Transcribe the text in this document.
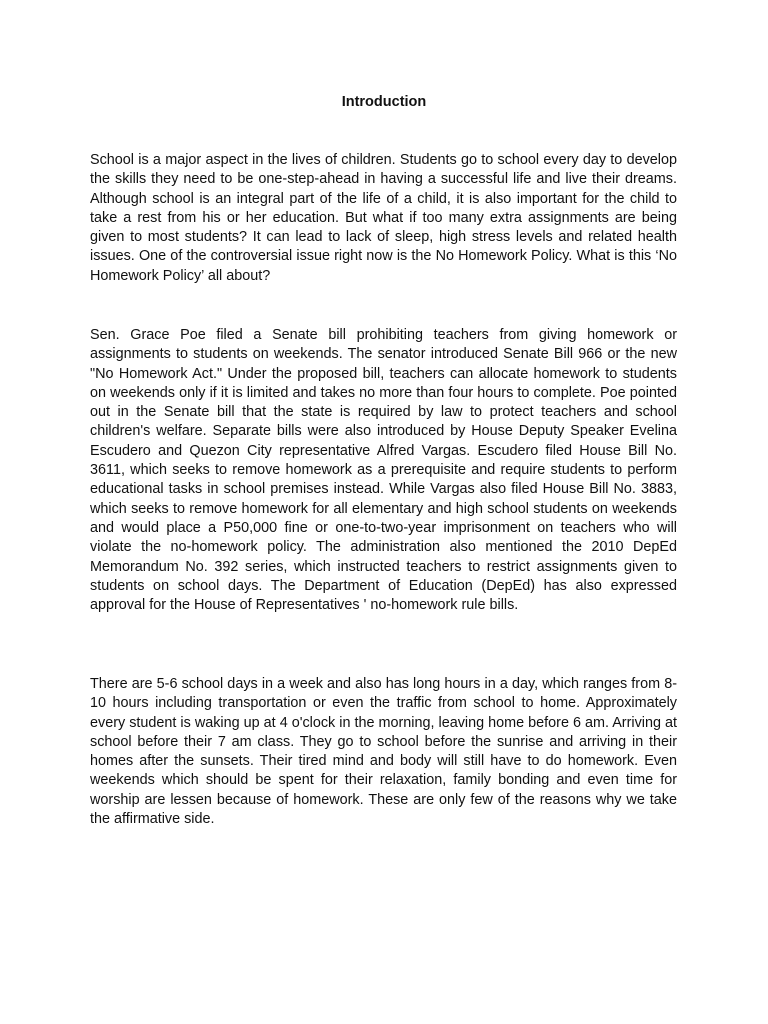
Introduction

School is a major aspect in the lives of children. Students go to school every day to develop the skills they need to be one-step-ahead in having a successful life and live their dreams. Although school is an integral part of the life of a child, it is also important for the child to take a rest from his or her education. But what if too many extra assignments are being given to most students? It can lead to lack of sleep, high stress levels and related health issues. One of the controversial issue right now is the No Homework Policy. What is this ‘No Homework Policy’ all about?

Sen. Grace Poe filed a Senate bill prohibiting teachers from giving homework or assignments to students on weekends. The senator introduced Senate Bill 966 or the new "No Homework Act." Under the proposed bill, teachers can allocate homework to students on weekends only if it is limited and takes no more than four hours to complete. Poe pointed out in the Senate bill that the state is required by law to protect teachers and school children's welfare. Separate bills were also introduced by House Deputy Speaker Evelina Escudero and Quezon City representative Alfred Vargas. Escudero filed House Bill No. 3611, which seeks to remove homework as a prerequisite and require students to perform educational tasks in school premises instead. While Vargas also filed House Bill No. 3883, which seeks to remove homework for all elementary and high school students on weekends and would place a P50,000 fine or one-to-two-year imprisonment on teachers who will violate the no-homework policy. The administration also mentioned the 2010 DepEd Memorandum No. 392 series, which instructed teachers to restrict assignments given to students on school days. The Department of Education (DepEd) has also expressed approval for the House of Representatives ' no-homework rule bills.

There are 5-6 school days in a week and also has long hours in a day, which ranges from 8-10 hours including transportation or even the traffic from school to home. Approximately every student is waking up at 4 o'clock in the morning, leaving home before 6 am. Arriving at school before their 7 am class. They go to school before the sunrise and arriving in their homes after the sunsets. Their tired mind and body will still have to do homework. Even weekends which should be spent for their relaxation, family bonding and even time for worship are lessen because of homework. These are only few of the reasons why we take the affirmative side.
